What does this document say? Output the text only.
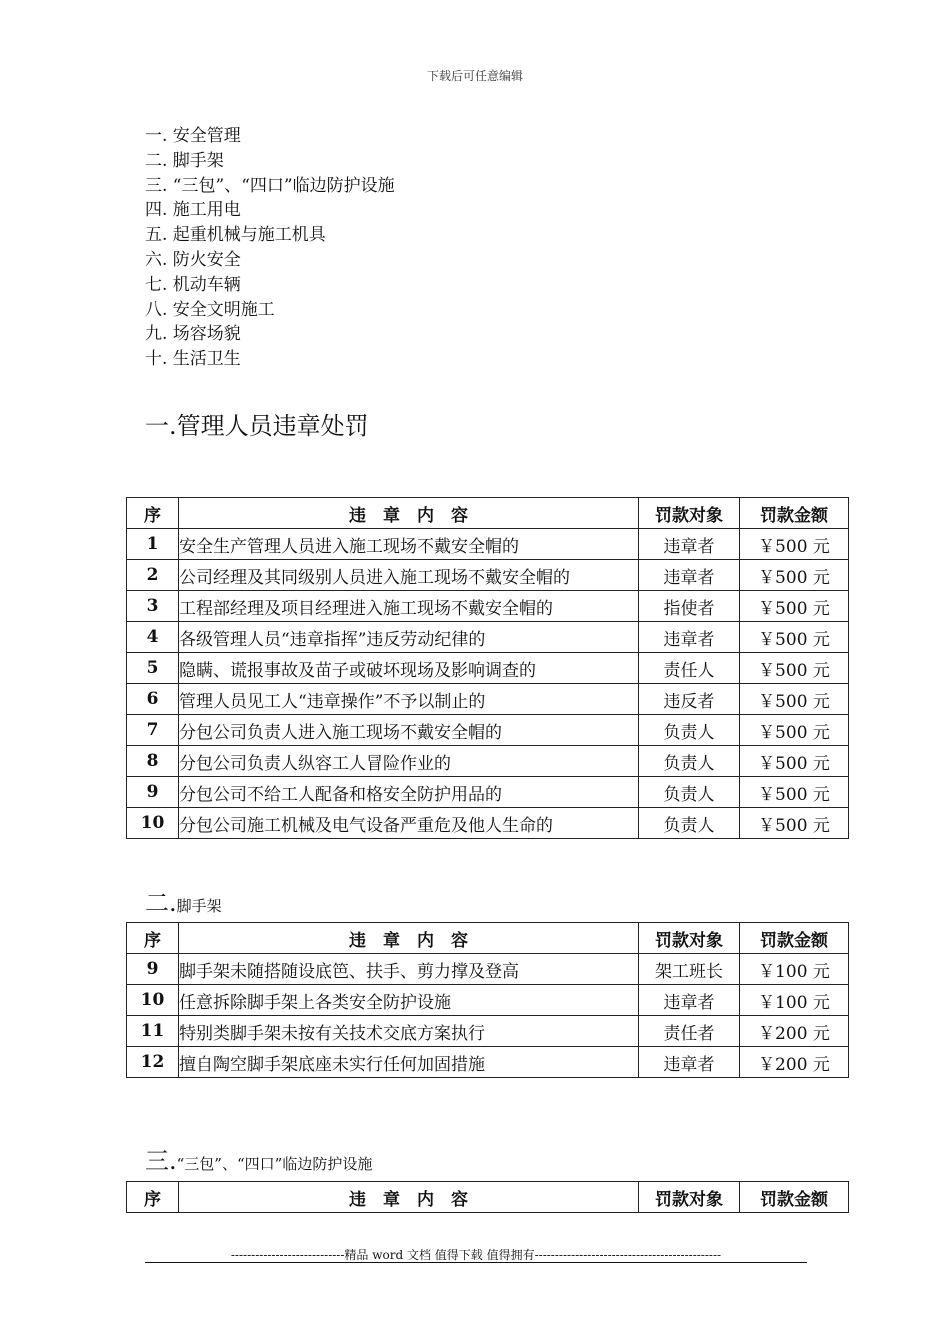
下载后可任意编辑
一. 安全管理
二. 脚手架
三. “三包”、“四口”临边防护设施
四. 施工用电
五. 起重机械与施工机具
六. 防火安全
七. 机动车辆
八. 安全文明施工
九. 场容场貌
十. 生活卫生
一.管理人员违章处罚
序	违　章　内　容	罚款对象	罚款金额
1	安全生产管理人员进入施工现场不戴安全帽的	违章者	￥500 元
2	公司经理及其同级别人员进入施工现场不戴安全帽的	违章者	￥500 元
3	工程部经理及项目经理进入施工现场不戴安全帽的	指使者	￥500 元
4	各级管理人员“违章指挥”违反劳动纪律的	违章者	￥500 元
5	隐瞒、谎报事故及苗子或破坏现场及影响调查的	责任人	￥500 元
6	管理人员见工人“违章操作”不予以制止的	违反者	￥500 元
7	分包公司负责人进入施工现场不戴安全帽的	负责人	￥500 元
8	分包公司负责人纵容工人冒险作业的	负责人	￥500 元
9	分包公司不给工人配备和格安全防护用品的	负责人	￥500 元
10	分包公司施工机械及电气设备严重危及他人生命的	负责人	￥500 元
二.脚手架
序	违　章　内　容	罚款对象	罚款金额
9	脚手架未随搭随设底笆、扶手、剪力撑及登高	架工班长	￥100 元
10	任意拆除脚手架上各类安全防护设施	违章者	￥100 元
11	特别类脚手架未按有关技术交底方案执行	责任者	￥200 元
12	擅自陶空脚手架底座未实行任何加固措施	违章者	￥200 元
三.“三包”、“四口”临边防护设施
序	违　章　内　容	罚款对象	罚款金额
----------------------------精品 word 文档 值得下载 值得拥有----------------------------------------------
